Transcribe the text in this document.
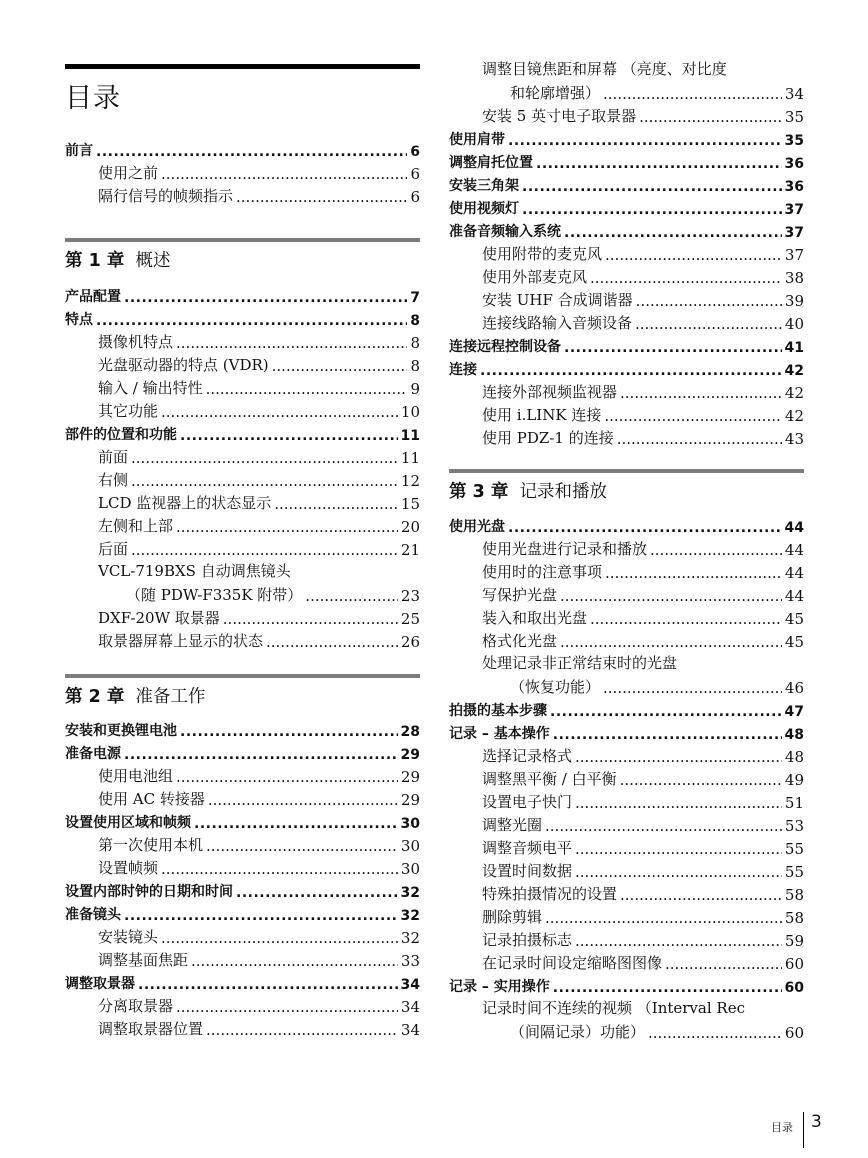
目录
前言 .....	6
使用之前 .....	6
隔行信号的帧频指示 .....	6
第 1 章 概述
产品配置 .....	7
特点 .....	8
摄像机特点 .....	8
光盘驱动器的特点 (VDR) .....	8
输入 / 输出特性 .....	9
其它功能 .....	10
部件的位置和功能 .....	11
前面 .....	11
右侧 .....	12
LCD 监视器上的状态显示 .....	15
左侧和上部 .....	20
后面 .....	21
VCL-719BXS 自动调焦镜头
（随 PDW-F335K 附带） .....	23
DXF-20W 取景器 .....	25
取景器屏幕上显示的状态 .....	26
第 2 章 准备工作
安装和更换锂电池 .....	28
准备电源 .....	29
使用电池组 .....	29
使用 AC 转接器 .....	29
设置使用区域和帧频 .....	30
第一次使用本机 .....	30
设置帧频 .....	30
设置内部时钟的日期和时间 .....	32
准备镜头 .....	32
安装镜头 .....	32
调整基面焦距 .....	33
调整取景器 .....	34
分离取景器 .....	34
调整取景器位置 .....	34
调整目镜焦距和屏幕 （亮度、对比度
和轮廓增强） .....	34
安装 5 英寸电子取景器 .....	35
使用肩带 .....	35
调整肩托位置 .....	36
安装三角架 .....	36
使用视频灯 .....	37
准备音频输入系统 .....	37
使用附带的麦克风 .....	37
使用外部麦克风 .....	38
安装 UHF 合成调谐器 .....	39
连接线路输入音频设备 .....	40
连接远程控制设备 .....	41
连接 .....	42
连接外部视频监视器 .....	42
使用 i.LINK 连接 .....	42
使用 PDZ-1 的连接 .....	43
第 3 章 记录和播放
使用光盘 .....	44
使用光盘进行记录和播放 .....	44
使用时的注意事项 .....	44
写保护光盘 .....	44
装入和取出光盘 .....	45
格式化光盘 .....	45
处理记录非正常结束时的光盘
（恢复功能） .....	46
拍摄的基本步骤 .....	47
记录 – 基本操作 .....	48
选择记录格式 .....	48
调整黑平衡 / 白平衡 .....	49
设置电子快门 .....	51
调整光圈 .....	53
调整音频电平 .....	55
设置时间数据 .....	55
特殊拍摄情况的设置 .....	58
删除剪辑 .....	58
记录拍摄标志 .....	59
在记录时间设定缩略图图像 .....	60
记录 – 实用操作 .....	60
记录时间不连续的视频 （Interval Rec
（间隔记录）功能） .....	60
目录 3
